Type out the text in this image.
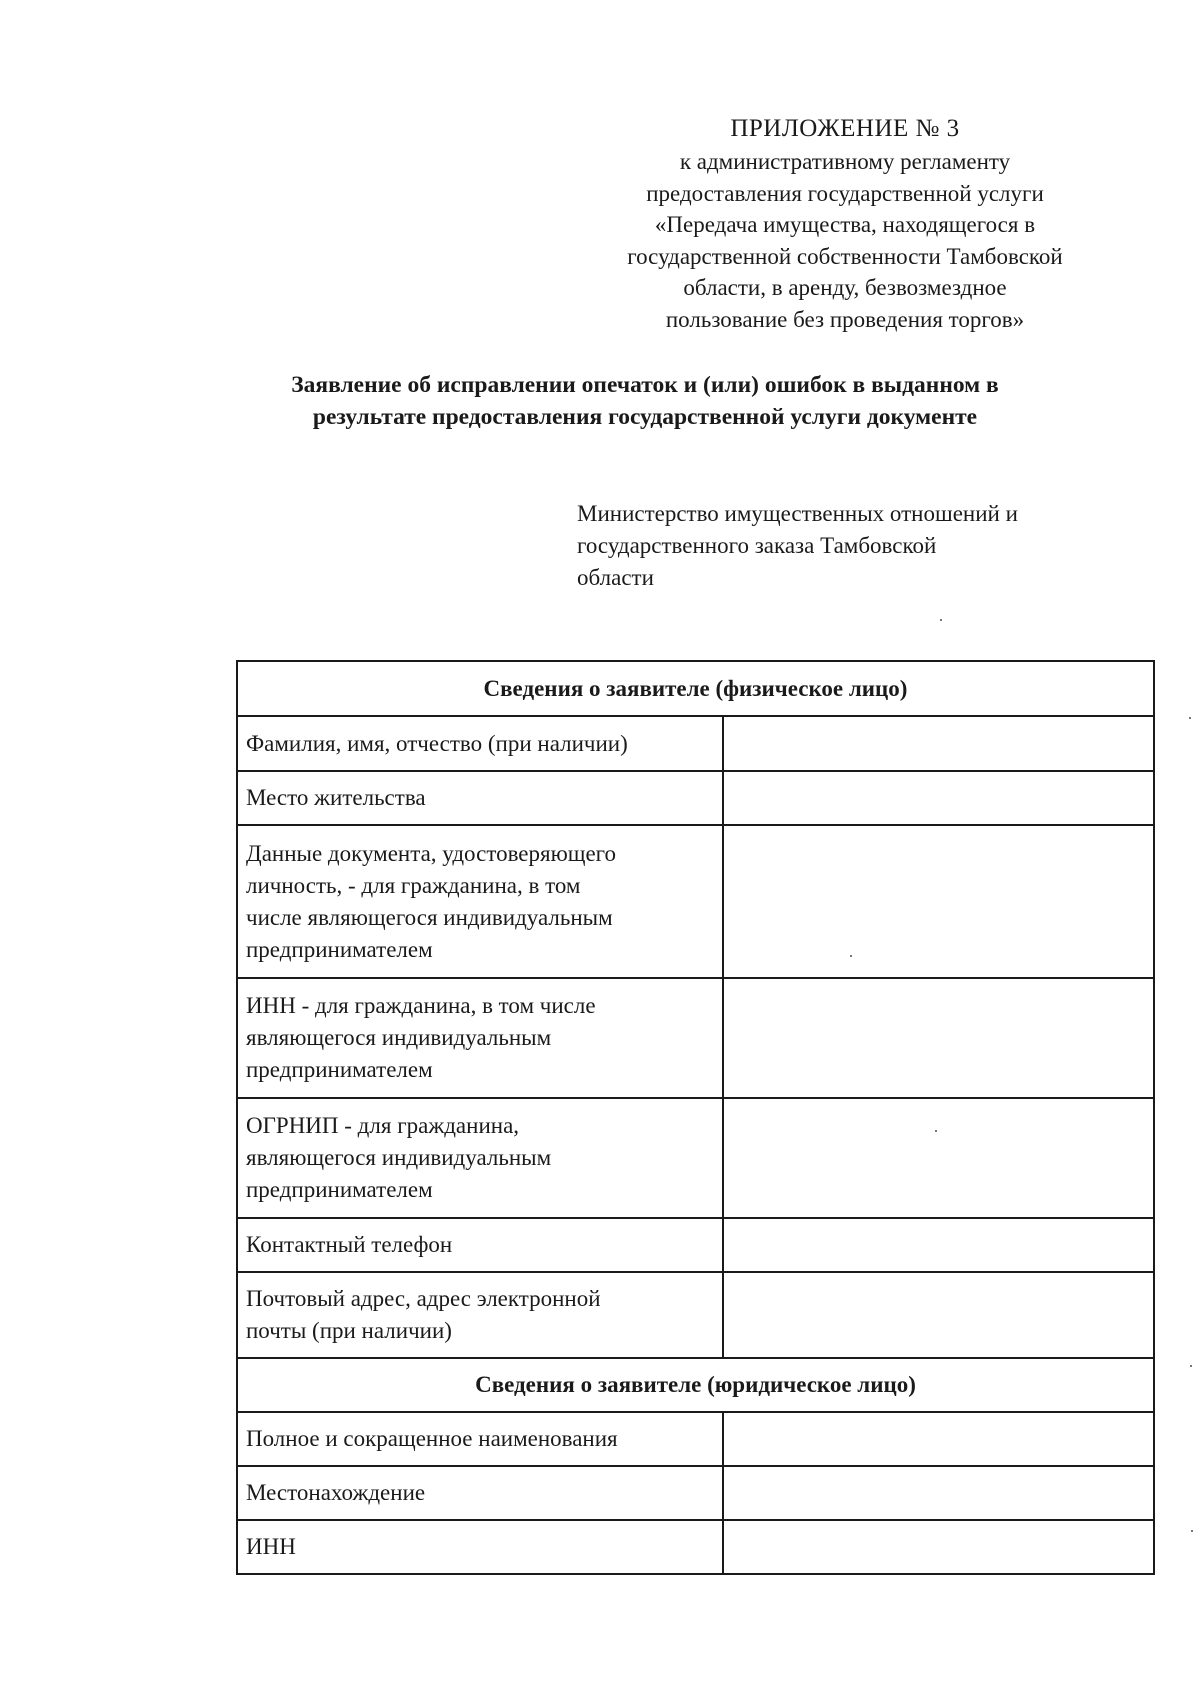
ПРИЛОЖЕНИЕ № 3
к административному регламенту
предоставления государственной услуги
«Передача имущества, находящегося в
государственной собственности Тамбовской
области, в аренду, безвозмездное
пользование без проведения торгов»
Заявление об исправлении опечаток и (или) ошибок в выданном в
результате предоставления государственной услуги документе
Министерство имущественных отношений и
государственного заказа Тамбовской
области
Сведения о заявителе (физическое лицо)	

Фамилия, имя, отчество (при наличии)	

Место жительства	

Данные документа, удостоверяющего
личность, - для гражданина, в том
числе являющегося индивидуальным
предпринимателем	

ИНН - для гражданина, в том числе
являющегося индивидуальным
предпринимателем	

ОГРНИП - для гражданина,
являющегося индивидуальным
предпринимателем	

Контактный телефон	

Почтовый адрес, адрес электронной
почты (при наличии)	

Сведения о заявителе (юридическое лицо)	

Полное и сокращенное наименования	

Местонахождение	

ИНН	
